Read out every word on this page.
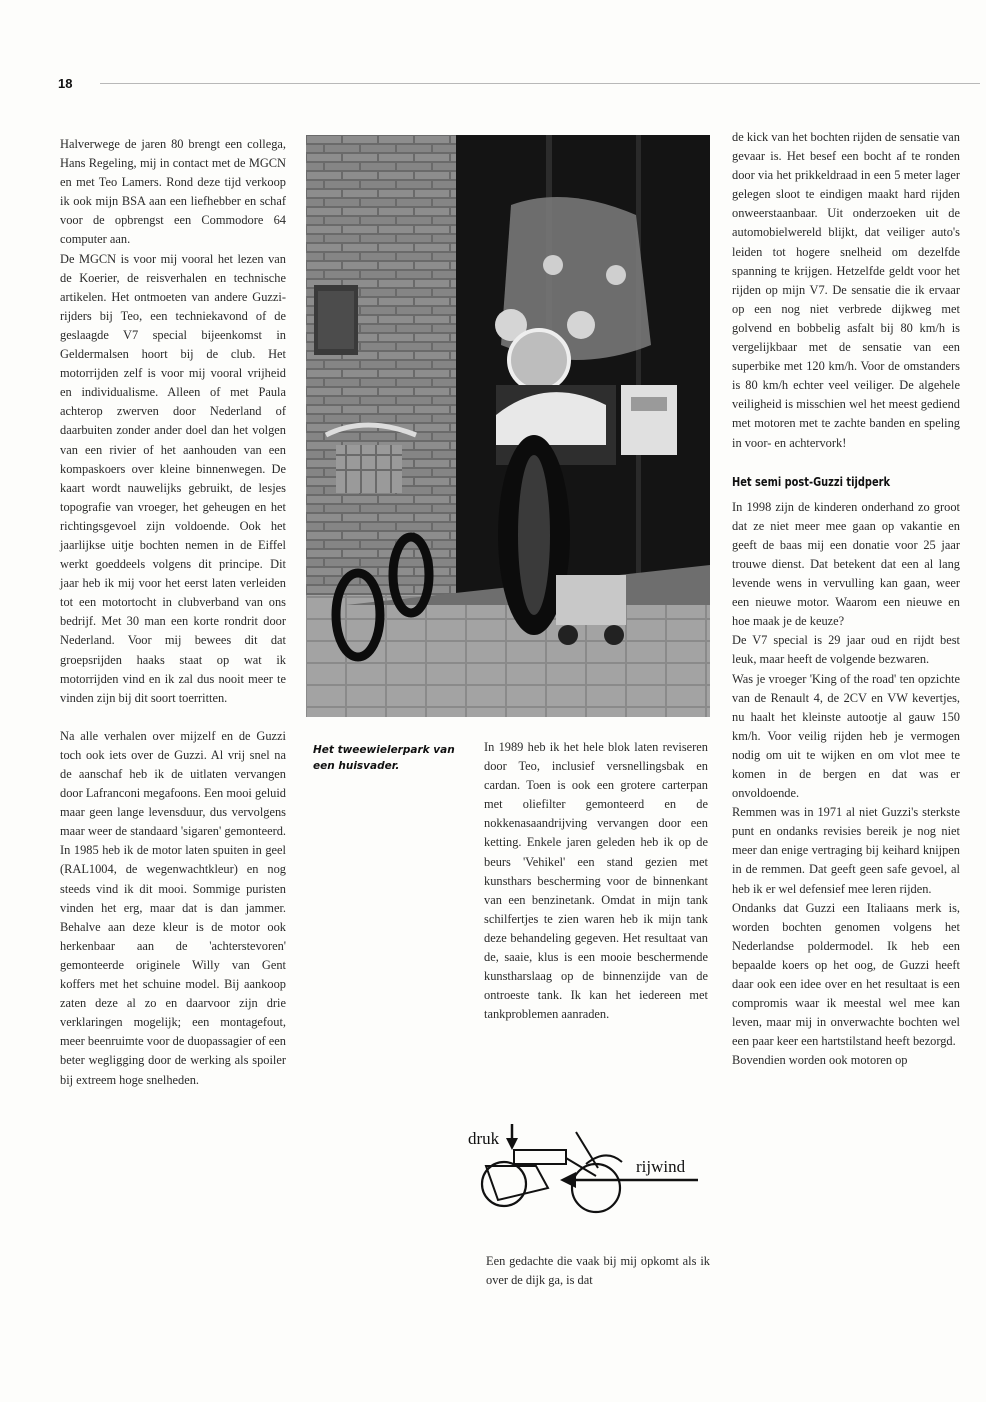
18

Halverwege de jaren 80 brengt een collega, Hans Regeling, mij in contact met de MGCN en met Teo Lamers. Rond deze tijd verkoop ik ook mijn BSA aan een liefhebber en schaf voor de opbrengst een Commodore 64 computer aan.

De MGCN is voor mij vooral het lezen van de Koerier, de reisverhalen en technische artikelen. Het ontmoeten van andere Guzzi-rijders bij Teo, een techniekavond of de geslaagde V7 special bijeenkomst in Geldermalsen hoort bij de club. Het motorrijden zelf is voor mij vooral vrijheid en individualisme. Alleen of met Paula achterop zwerven door Nederland of daarbuiten zonder ander doel dan het volgen van een rivier of het aanhouden van een kompaskoers over kleine binnenwegen. De kaart wordt nauwelijks gebruikt, de lesjes topografie van vroeger, het geheugen en het richtingsgevoel zijn voldoende. Ook het jaarlijkse uitje bochten nemen in de Eiffel werkt goeddeels volgens dit principe. Dit jaar heb ik mij voor het eerst laten verleiden tot een motortocht in clubverband van ons bedrijf. Met 30 man een korte rondrit door Nederland. Voor mij bewees dit dat groepsrijden haaks staat op wat ik motorrijden vind en ik zal dus nooit meer te vinden zijn bij dit soort toerritten.

Na alle verhalen over mijzelf en de Guzzi toch ook iets over de Guzzi. Al vrij snel na de aanschaf heb ik de uitlaten vervangen door Lafranconi megafoons. Een mooi geluid maar geen lange levensduur, dus vervolgens maar weer de standaard 'sigaren' gemonteerd. In 1985 heb ik de motor laten spuiten in geel (RAL1004, de wegenwachtkleur) en nog steeds vind ik dit mooi. Sommige puristen vinden het erg, maar dat is dan jammer. Behalve aan deze kleur is de motor ook herkenbaar aan de 'achterstevoren' gemonteerde originele Willy van Gent koffers met het schuine model. Bij aankoop zaten deze al zo en daarvoor zijn drie verklaringen mogelijk; een montagefout, meer beenruimte voor de duopassagier of een beter wegligging door de werking als spoiler bij extreem hoge snelheden.

Het tweewielerpark van een huisvader.

In 1989 heb ik het hele blok laten reviseren door Teo, inclusief versnellingsbak en cardan. Toen is ook een grotere carterpan met oliefilter gemonteerd en de nokkenasaandrijving vervangen door een ketting. Enkele jaren geleden heb ik op de beurs 'Vehikel' een stand gezien met kunsthars bescherming voor de binnenkant van een benzinetank. Omdat in mijn tank schilfertjes te zien waren heb ik mijn tank deze behandeling gegeven. Het resultaat van de, saaie, klus is een mooie beschermende kunstharslaag op de binnenzijde van de ontroeste tank. Ik kan het iedereen met tankproblemen aanraden.

druk
rijwind

Een gedachte die vaak bij mij opkomt als ik over de dijk ga, is dat

de kick van het bochten rijden de sensatie van gevaar is. Het besef een bocht af te ronden door via het prikkeldraad in een 5 meter lager gelegen sloot te eindigen maakt hard rijden onweerstaanbaar. Uit onderzoeken uit de automobielwereld blijkt, dat veiliger auto's leiden tot hogere snelheid om dezelfde spanning te krijgen. Hetzelfde geldt voor het rijden op mijn V7. De sensatie die ik ervaar op een nog niet verbrede dijkweg met golvend en bobbelig asfalt bij 80 km/h is vergelijkbaar met de sensatie van een superbike met 120 km/h. Voor de omstanders is 80 km/h echter veel veiliger. De algehele veiligheid is misschien wel het meest gediend met motoren met te zachte banden en speling in voor- en achtervork!

Het semi post-Guzzi tijdperk

In 1998 zijn de kinderen onderhand zo groot dat ze niet meer mee gaan op vakantie en geeft de baas mij een donatie voor 25 jaar trouwe dienst. Dat betekent dat een al lang levende wens in vervulling kan gaan, weer een nieuwe motor. Waarom een nieuwe en hoe maak je de keuze?

De V7 special is 29 jaar oud en rijdt best leuk, maar heeft de volgende bezwaren.

Was je vroeger 'King of the road' ten opzichte van de Renault 4, de 2CV en VW kevertjes, nu haalt het kleinste autootje al gauw 150 km/h. Voor veilig rijden heb je vermogen nodig om uit te wijken en om vlot mee te komen in de bergen en dat was er onvoldoende.

Remmen was in 1971 al niet Guzzi's sterkste punt en ondanks revisies bereik je nog niet meer dan enige vertraging bij keihard knijpen in de remmen. Dat geeft geen safe gevoel, al heb ik er wel defensief mee leren rijden.

Ondanks dat Guzzi een Italiaans merk is, worden bochten genomen volgens het Nederlandse poldermodel. Ik heb een bepaalde koers op het oog, de Guzzi heeft daar ook een idee over en het resultaat is een compromis waar ik meestal wel mee kan leven, maar mij in onverwachte bochten wel een paar keer een hartstilstand heeft bezorgd.

Bovendien worden ook motoren op
